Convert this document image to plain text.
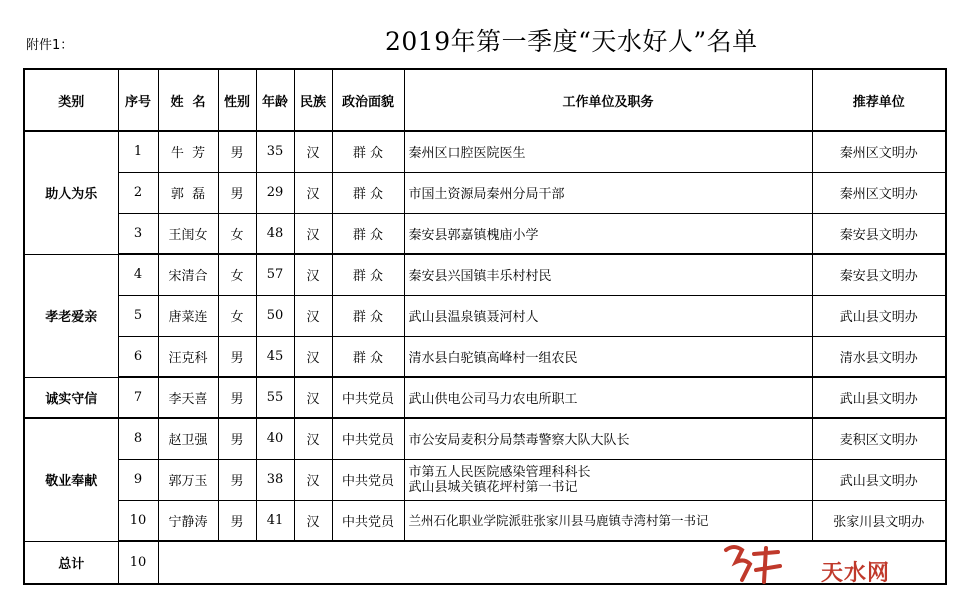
附件1：	2019年第一季度“天水好人”名单
类别	序号	姓  名	性别	年龄	民族	政治面貌	工作单位及职务	推荐单位
助人为乐	1	牛  芳	男	35	汉	群 众	秦州区口腔医院医生	秦州区文明办
	2	郭  磊	男	29	汉	群 众	市国土资源局秦州分局干部	秦州区文明办
	3	王闺女	女	48	汉	群 众	秦安县郭嘉镇槐庙小学	秦安县文明办
孝老爱亲	4	宋清合	女	57	汉	群 众	秦安县兴国镇丰乐村村民	秦安县文明办
	5	唐菜连	女	50	汉	群 众	武山县温泉镇聂河村人	武山县文明办
	6	汪克科	男	45	汉	群 众	清水县白驼镇高峰村一组农民	清水县文明办
诚实守信	7	李天喜	男	55	汉	中共党员	武山供电公司马力农电所职工	武山县文明办
敬业奉献	8	赵卫强	男	40	汉	中共党员	市公安局麦积分局禁毒警察大队大队长	麦积区文明办
	9	郭万玉	男	38	汉	中共党员	市第五人民医院感染管理科科长
武山县城关镇花坪村第一书记	武山县文明办
	10	宁静涛	男	41	汉	中共党员	兰州石化职业学院派驻张家川县马鹿镇寺湾村第一书记	张家川县文明办
总计	10								天水网
